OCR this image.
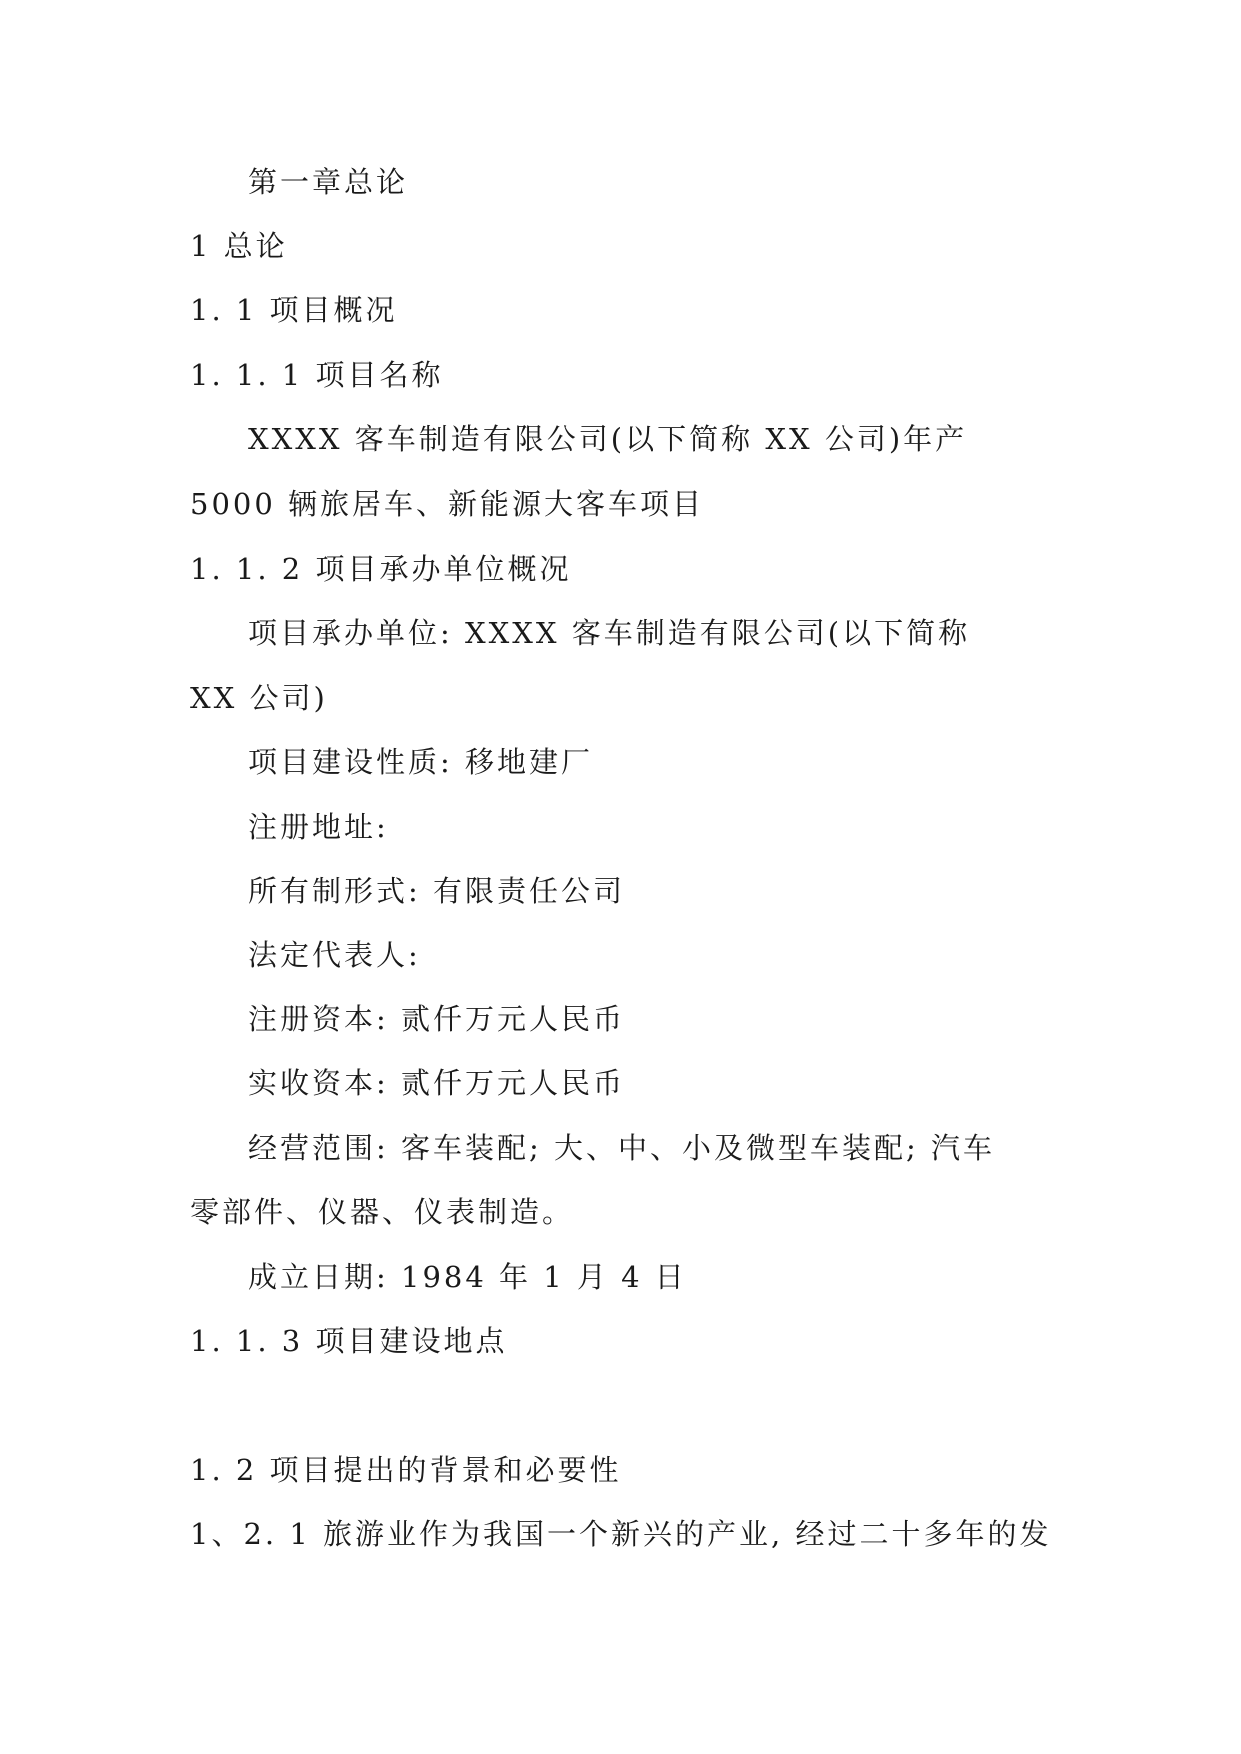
第一章总论
1 总论
1. 1 项目概况
1. 1. 1 项目名称
XXXX 客车制造有限公司(以下简称 XX 公司)年产
5000 辆旅居车、新能源大客车项目
1. 1. 2 项目承办单位概况
项目承办单位: XXXX 客车制造有限公司(以下简称
XX 公司)
项目建设性质: 移地建厂
注册地址:
所有制形式: 有限责任公司
法定代表人:
注册资本: 贰仟万元人民币
实收资本: 贰仟万元人民币
经营范围: 客车装配; 大、中、小及微型车装配; 汽车
零部件、仪器、仪表制造。
成立日期: 1984 年 1 月 4 日
1. 1. 3 项目建设地点
1. 2 项目提出的背景和必要性
1、2. 1 旅游业作为我国一个新兴的产业, 经过二十多年的发
